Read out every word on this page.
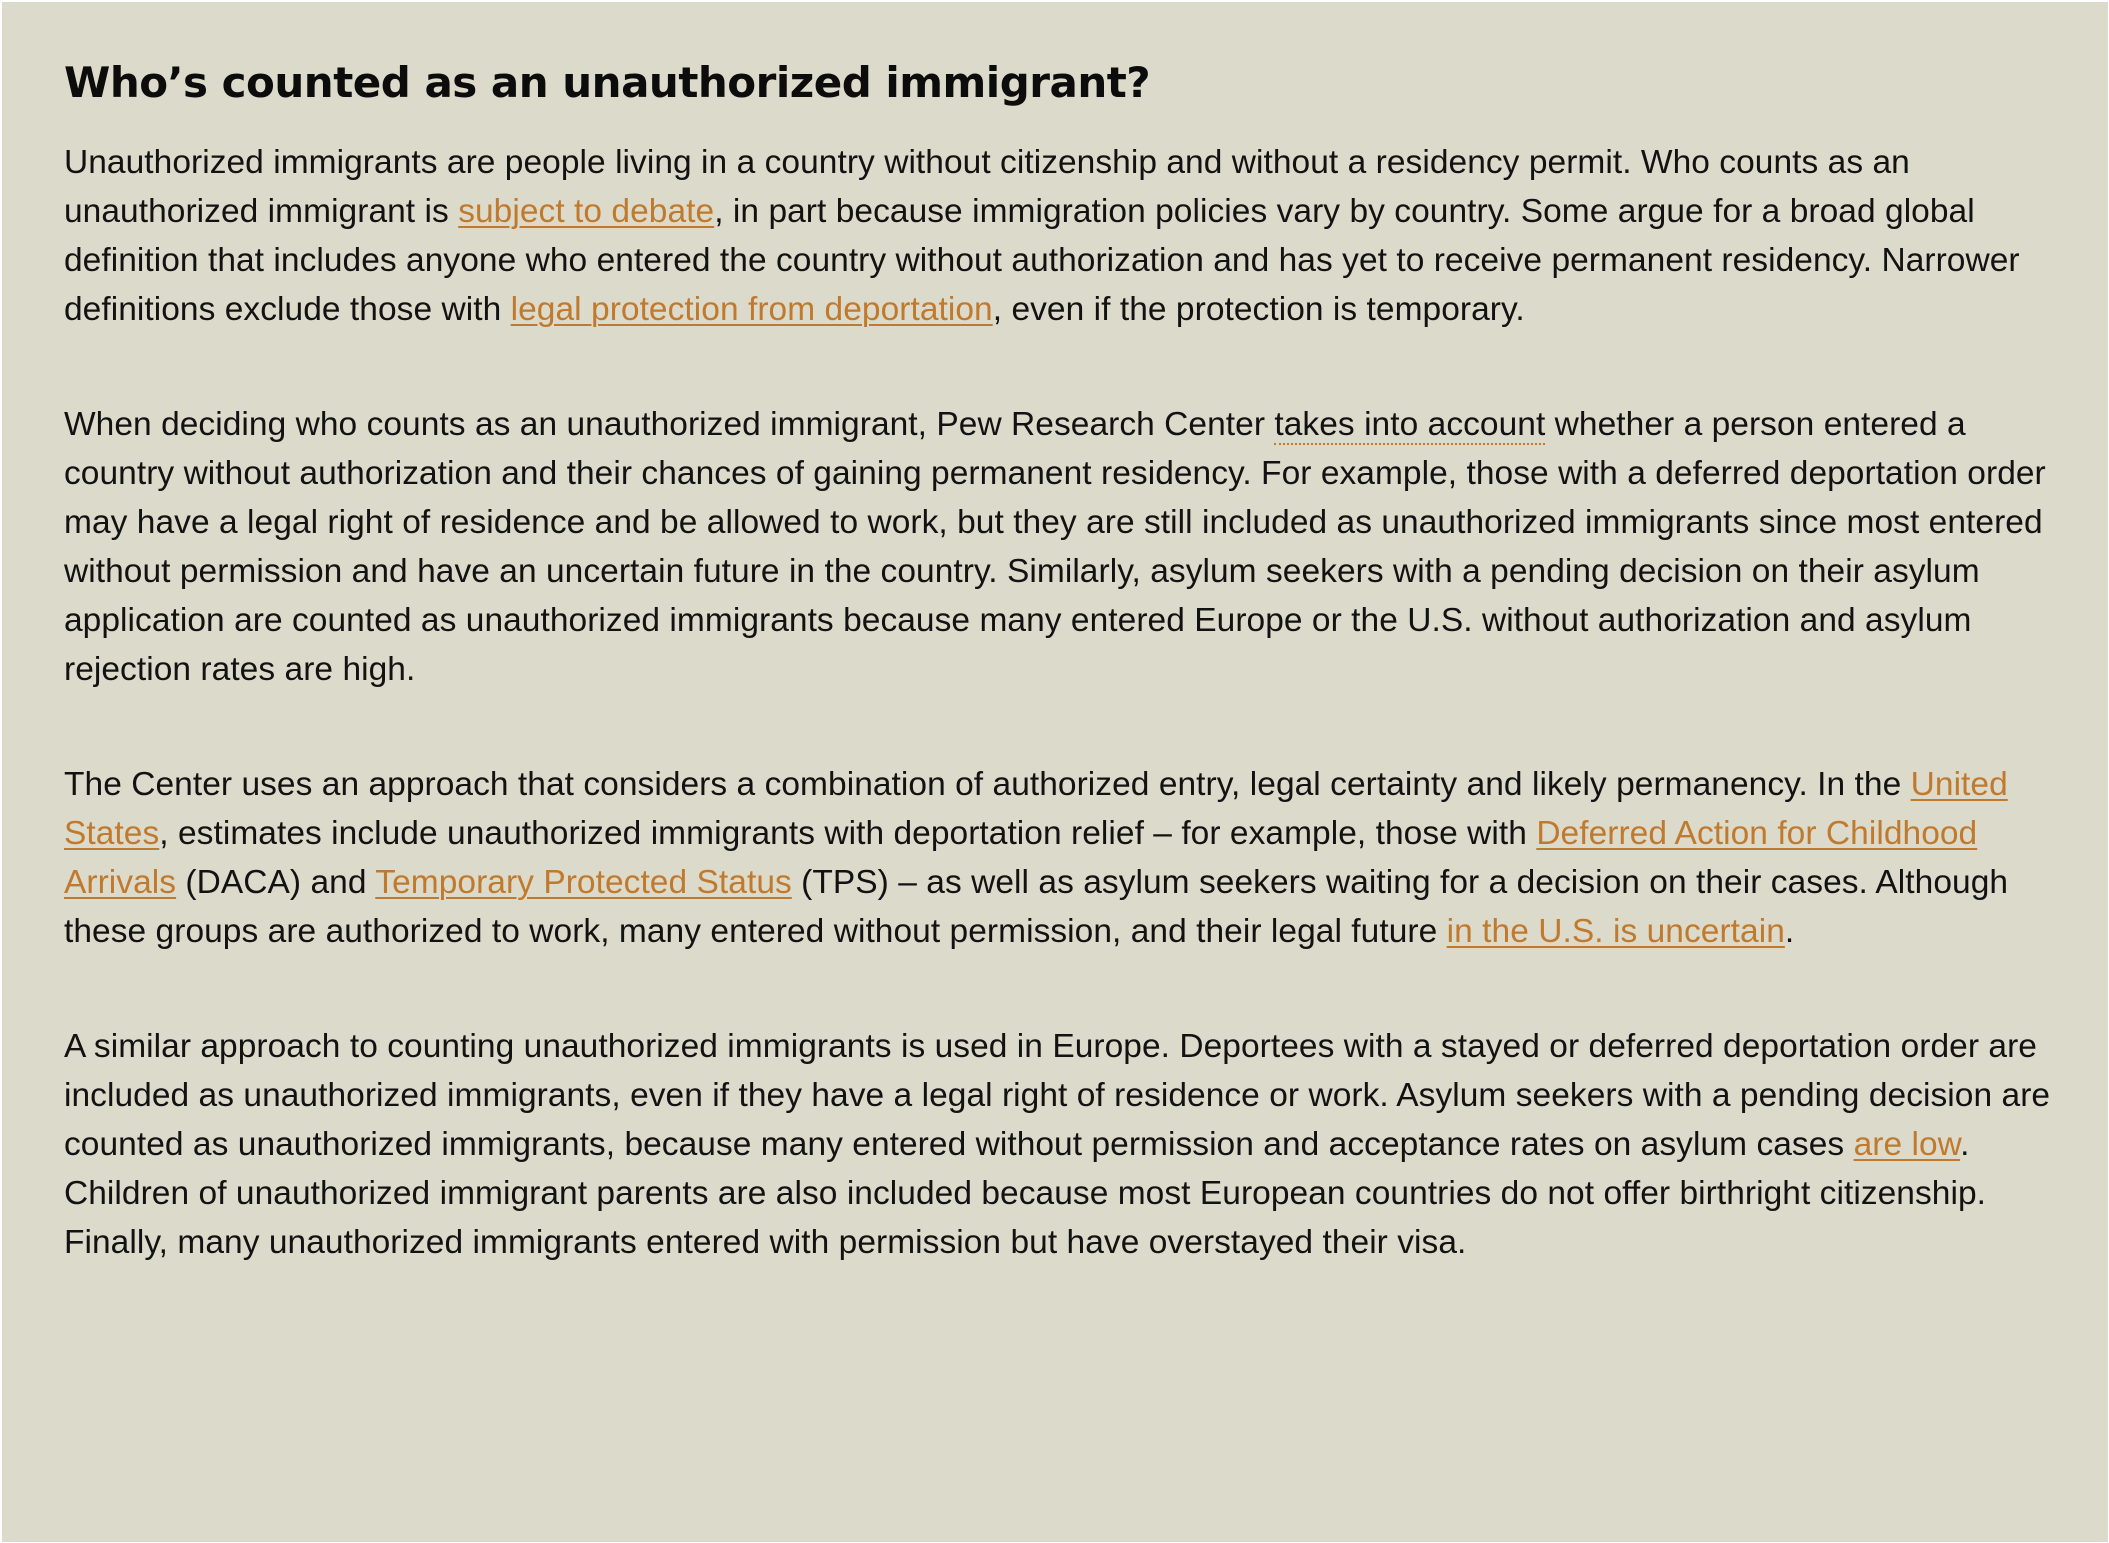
Who’s counted as an unauthorized immigrant?

Unauthorized immigrants are people living in a country without citizenship and without a residency permit. Who counts as an unauthorized immigrant is subject to debate, in part because immigration policies vary by country. Some argue for a broad global definition that includes anyone who entered the country without authorization and has yet to receive permanent residency. Narrower definitions exclude those with legal protection from deportation, even if the protection is temporary.

When deciding who counts as an unauthorized immigrant, Pew Research Center takes into account whether a person entered a country without authorization and their chances of gaining permanent residency. For example, those with a deferred deportation order may have a legal right of residence and be allowed to work, but they are still included as unauthorized immigrants since most entered without permission and have an uncertain future in the country. Similarly, asylum seekers with a pending decision on their asylum application are counted as unauthorized immigrants because many entered Europe or the U.S. without authorization and asylum rejection rates are high.

The Center uses an approach that considers a combination of authorized entry, legal certainty and likely permanency. In the United States, estimates include unauthorized immigrants with deportation relief – for example, those with Deferred Action for Childhood Arrivals (DACA) and Temporary Protected Status (TPS) – as well as asylum seekers waiting for a decision on their cases. Although these groups are authorized to work, many entered without permission, and their legal future in the U.S. is uncertain.

A similar approach to counting unauthorized immigrants is used in Europe. Deportees with a stayed or deferred deportation order are included as unauthorized immigrants, even if they have a legal right of residence or work. Asylum seekers with a pending decision are counted as unauthorized immigrants, because many entered without permission and acceptance rates on asylum cases are low. Children of unauthorized immigrant parents are also included because most European countries do not offer birthright citizenship. Finally, many unauthorized immigrants entered with permission but have overstayed their visa.
